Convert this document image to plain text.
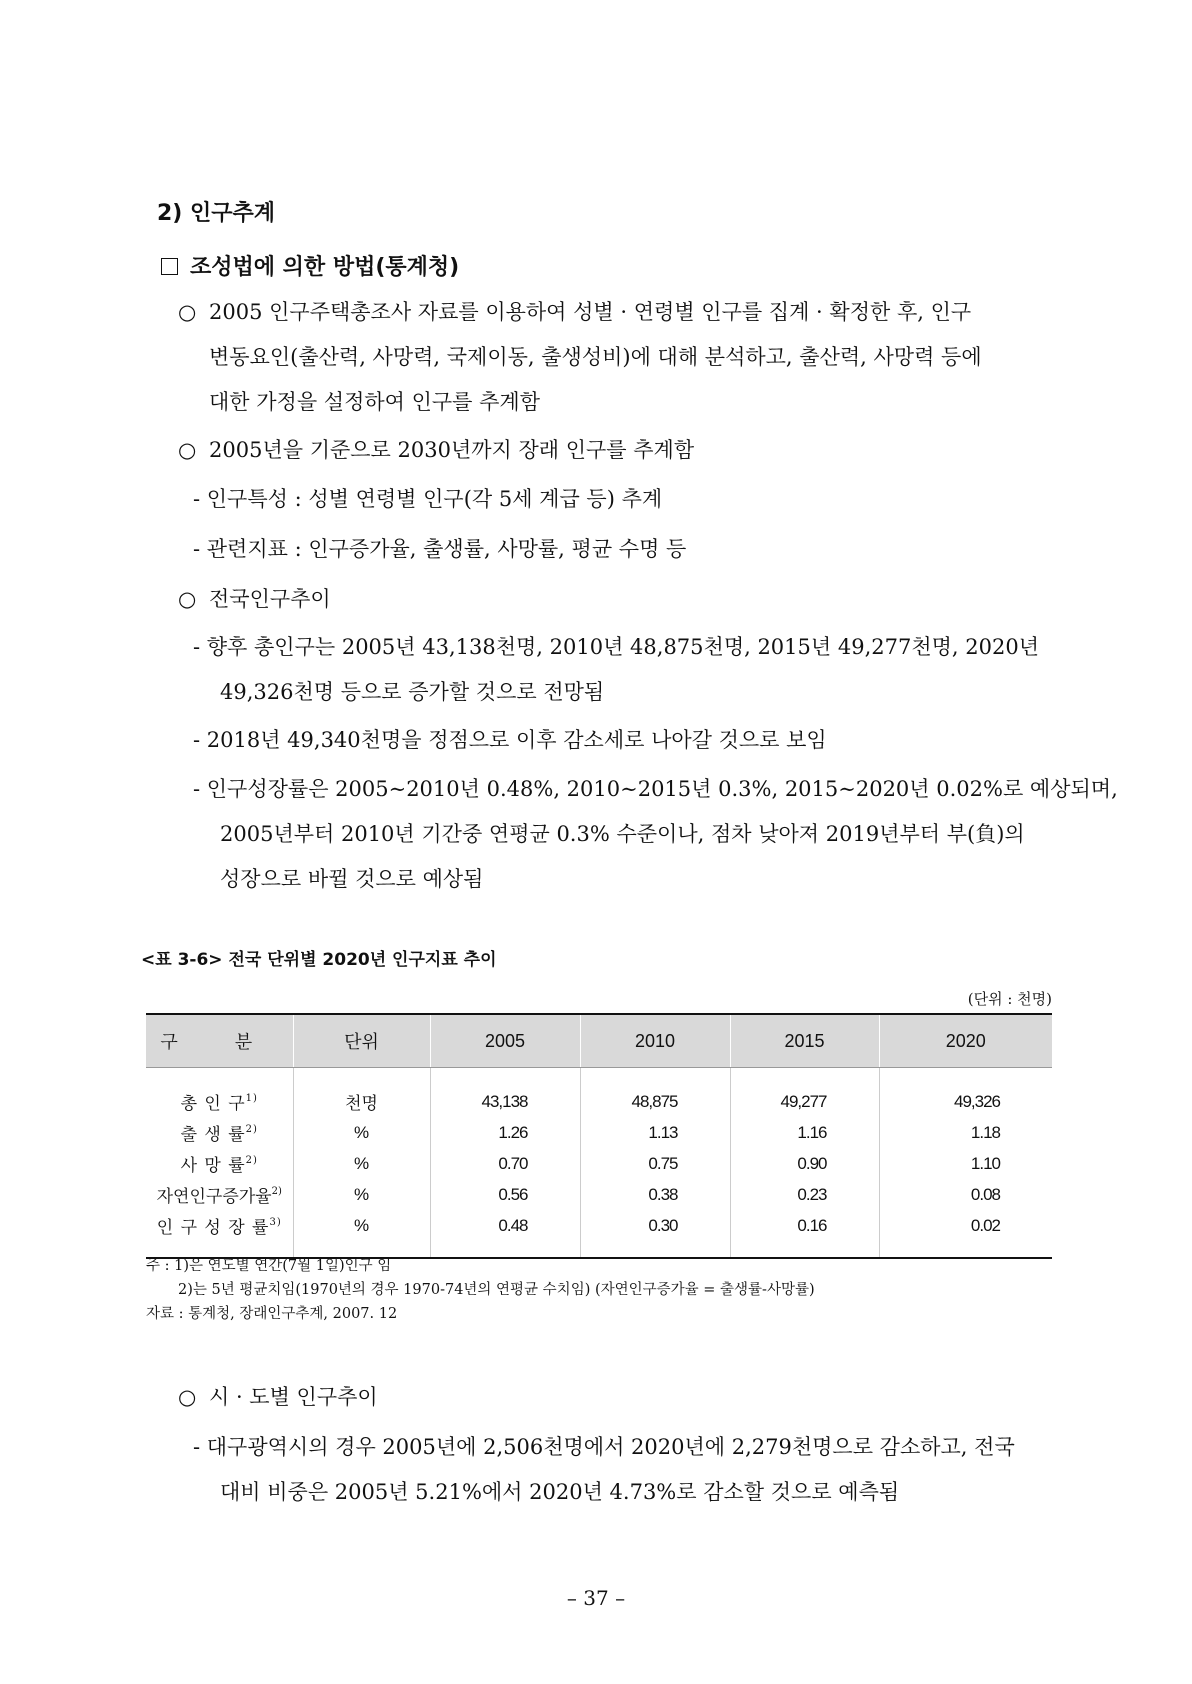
2) 인구추계
조성법에 의한 방법(통계청)
○ 2005 인구주택총조사 자료를 이용하여 성별 · 연령별 인구를 집계 · 확정한 후, 인구
변동요인(출산력, 사망력, 국제이동, 출생성비)에 대해 분석하고, 출산력, 사망력 등에
대한 가정을 설정하여 인구를 추계함
○ 2005년을 기준으로 2030년까지 장래 인구를 추계함
- 인구특성 : 성별 연령별 인구(각 5세 계급 등) 추계
- 관련지표 : 인구증가율, 출생률, 사망률, 평균 수명 등
○ 전국인구추이
- 향후 총인구는 2005년 43,138천명, 2010년 48,875천명, 2015년 49,277천명, 2020년
49,326천명 등으로 증가할 것으로 전망됨
- 2018년 49,340천명을 정점으로 이후 감소세로 나아갈 것으로 보임
- 인구성장률은 2005∼2010년 0.48%, 2010∼2015년 0.3%, 2015∼2020년 0.02%로 예상되며,
2005년부터 2010년 기간중 연평균 0.3% 수준이나, 점차 낮아져 2019년부터 부(負)의
성장으로 바뀔 것으로 예상됨
<표 3-6> 전국 단위별 2020년 인구지표 추이
(단위 : 천명)
구 분	단위	2005	2010	2015	2020
총 인 구$^{1)}$	천명	43,138	48,875	49,277	49,326
출 생 률$^{2)}$	%	1.26	1.13	1.16	1.18
사 망 률$^{2)}$	%	0.70	0.75	0.90	1.10
자연인구증가율$^{2)}$	%	0.56	0.38	0.23	0.08
인 구 성 장 률$^{3)}$	%	0.48	0.30	0.16	0.02
주 : 1)은 연도별 연간(7월 1일)인구 임
2)는 5년 평균치임(1970년의 경우 1970-74년의 연평균 수치임) (자연인구증가율 = 출생률-사망률)
자료 : 통계청, 장래인구추계, 2007. 12
○ 시 · 도별 인구추이
- 대구광역시의 경우 2005년에 2,506천명에서 2020년에 2,279천명으로 감소하고, 전국
대비 비중은 2005년 5.21%에서 2020년 4.73%로 감소할 것으로 예측됨
– 37 –
